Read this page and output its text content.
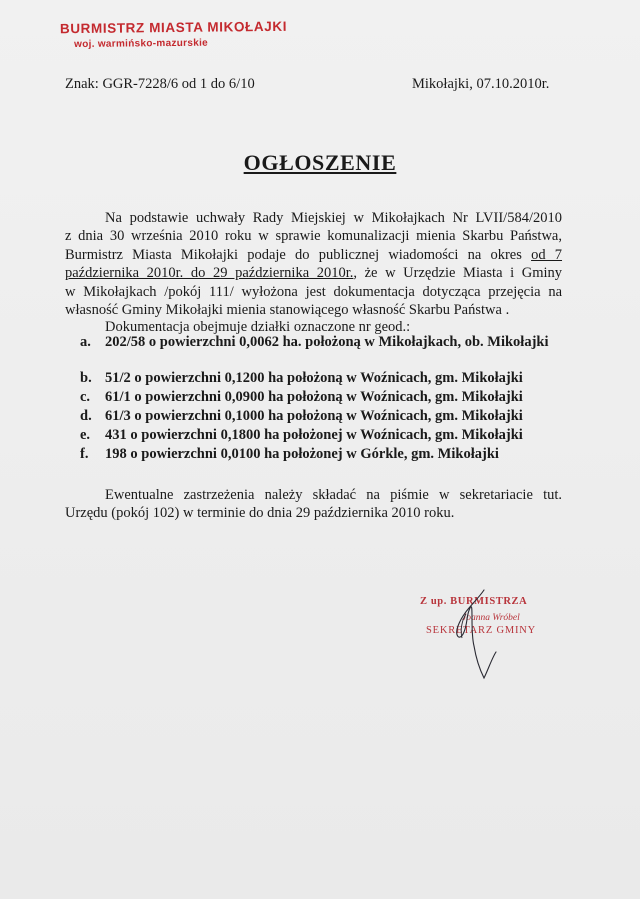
BURMISTRZ MIASTA MIKOŁAJKI
woj. warmińsko-mazurskie
Znak: GGR-7228/6 od 1 do 6/10	Mikołajki, 07.10.2010r.
OGŁOSZENIE
Na podstawie uchwały Rady Miejskiej w Mikołajkach Nr LVII/584/2010
z dnia 30 września 2010 roku w sprawie komunalizacji mienia Skarbu Państwa,
Burmistrz Miasta Mikołajki podaje do publicznej wiadomości na okres od 7
października 2010r. do 29 października 2010r., że w Urzędzie Miasta i Gminy
w Mikołajkach /pokój 111/ wyłożona jest dokumentacja dotycząca przejęcia na
własność Gminy Mikołajki mienia stanowiącego własność Skarbu Państwa .
Dokumentacja obejmuje działki oznaczone nr geod.:
a. 202/58 o powierzchni 0,0062 ha. położoną w Mikołajkach, ob. Mikołajki
b. 51/2 o powierzchni 0,1200 ha położoną w Woźnicach, gm. Mikołajki
c. 61/1 o powierzchni 0,0900 ha położoną w Woźnicach, gm. Mikołajki
d. 61/3 o powierzchni 0,1000 ha położoną w Woźnicach, gm. Mikołajki
e. 431 o powierzchni 0,1800 ha położonej w Woźnicach, gm. Mikołajki
f. 198 o powierzchni 0,0100 ha położonej w Górkle, gm. Mikołajki
Ewentualne zastrzeżenia należy składać na piśmie w sekretariacie tut.
Urzędu (pokój 102) w terminie do dnia 29 października 2010 roku.
Z up. BURMISTRZA
Joanna Wróbel
SEKRETARZ GMINY
